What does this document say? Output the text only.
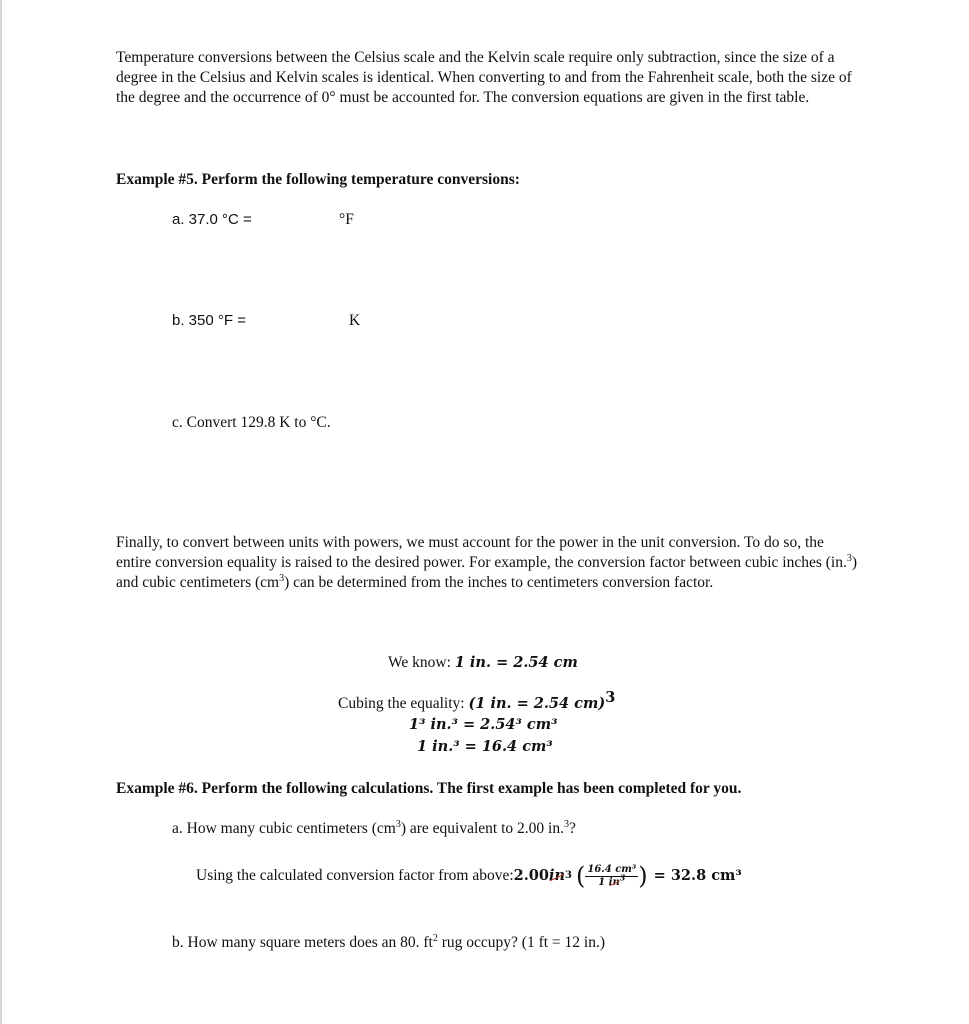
Temperature conversions between the Celsius scale and the Kelvin scale require only subtraction, since the size of a degree in the Celsius and Kelvin scales is identical. When converting to and from the Fahrenheit scale, both the size of the degree and the occurrence of 0° must be accounted for. The conversion equations are given in the first table.

Example #5. Perform the following temperature conversions:
a. 37.0 °C =	°F
b. 350 °F =	K
c. Convert 129.8 K to °C.

Finally, to convert between units with powers, we must account for the power in the unit conversion. To do so, the entire conversion equality is raised to the desired power. For example, the conversion factor between cubic inches (in.$^3$) and cubic centimeters $(cm^3)$ can be determined from the inches to centimeters conversion factor.

We know: 1 in. = 2.54 cm
Cubing the equality: (1 in. = 2.54 cm)$^3$
1³ in.³ = 2.54³ cm³
1 in.³ = 16.4 cm³
Example #6. Perform the following calculations. The first example has been completed for you.
a. How many cubic centimeters $(cm^3)$ are equivalent to 2.00 in.$^3$?
Using the calculated conversion factor from above: 2.00 in 3 ( $\frac{\text{16.4 cm³}}{1 in^3}$ ) = 32.8 cm³
b. How many square meters does an 80. $ft^2$ rug occupy? (1 ft = 12 in.)
